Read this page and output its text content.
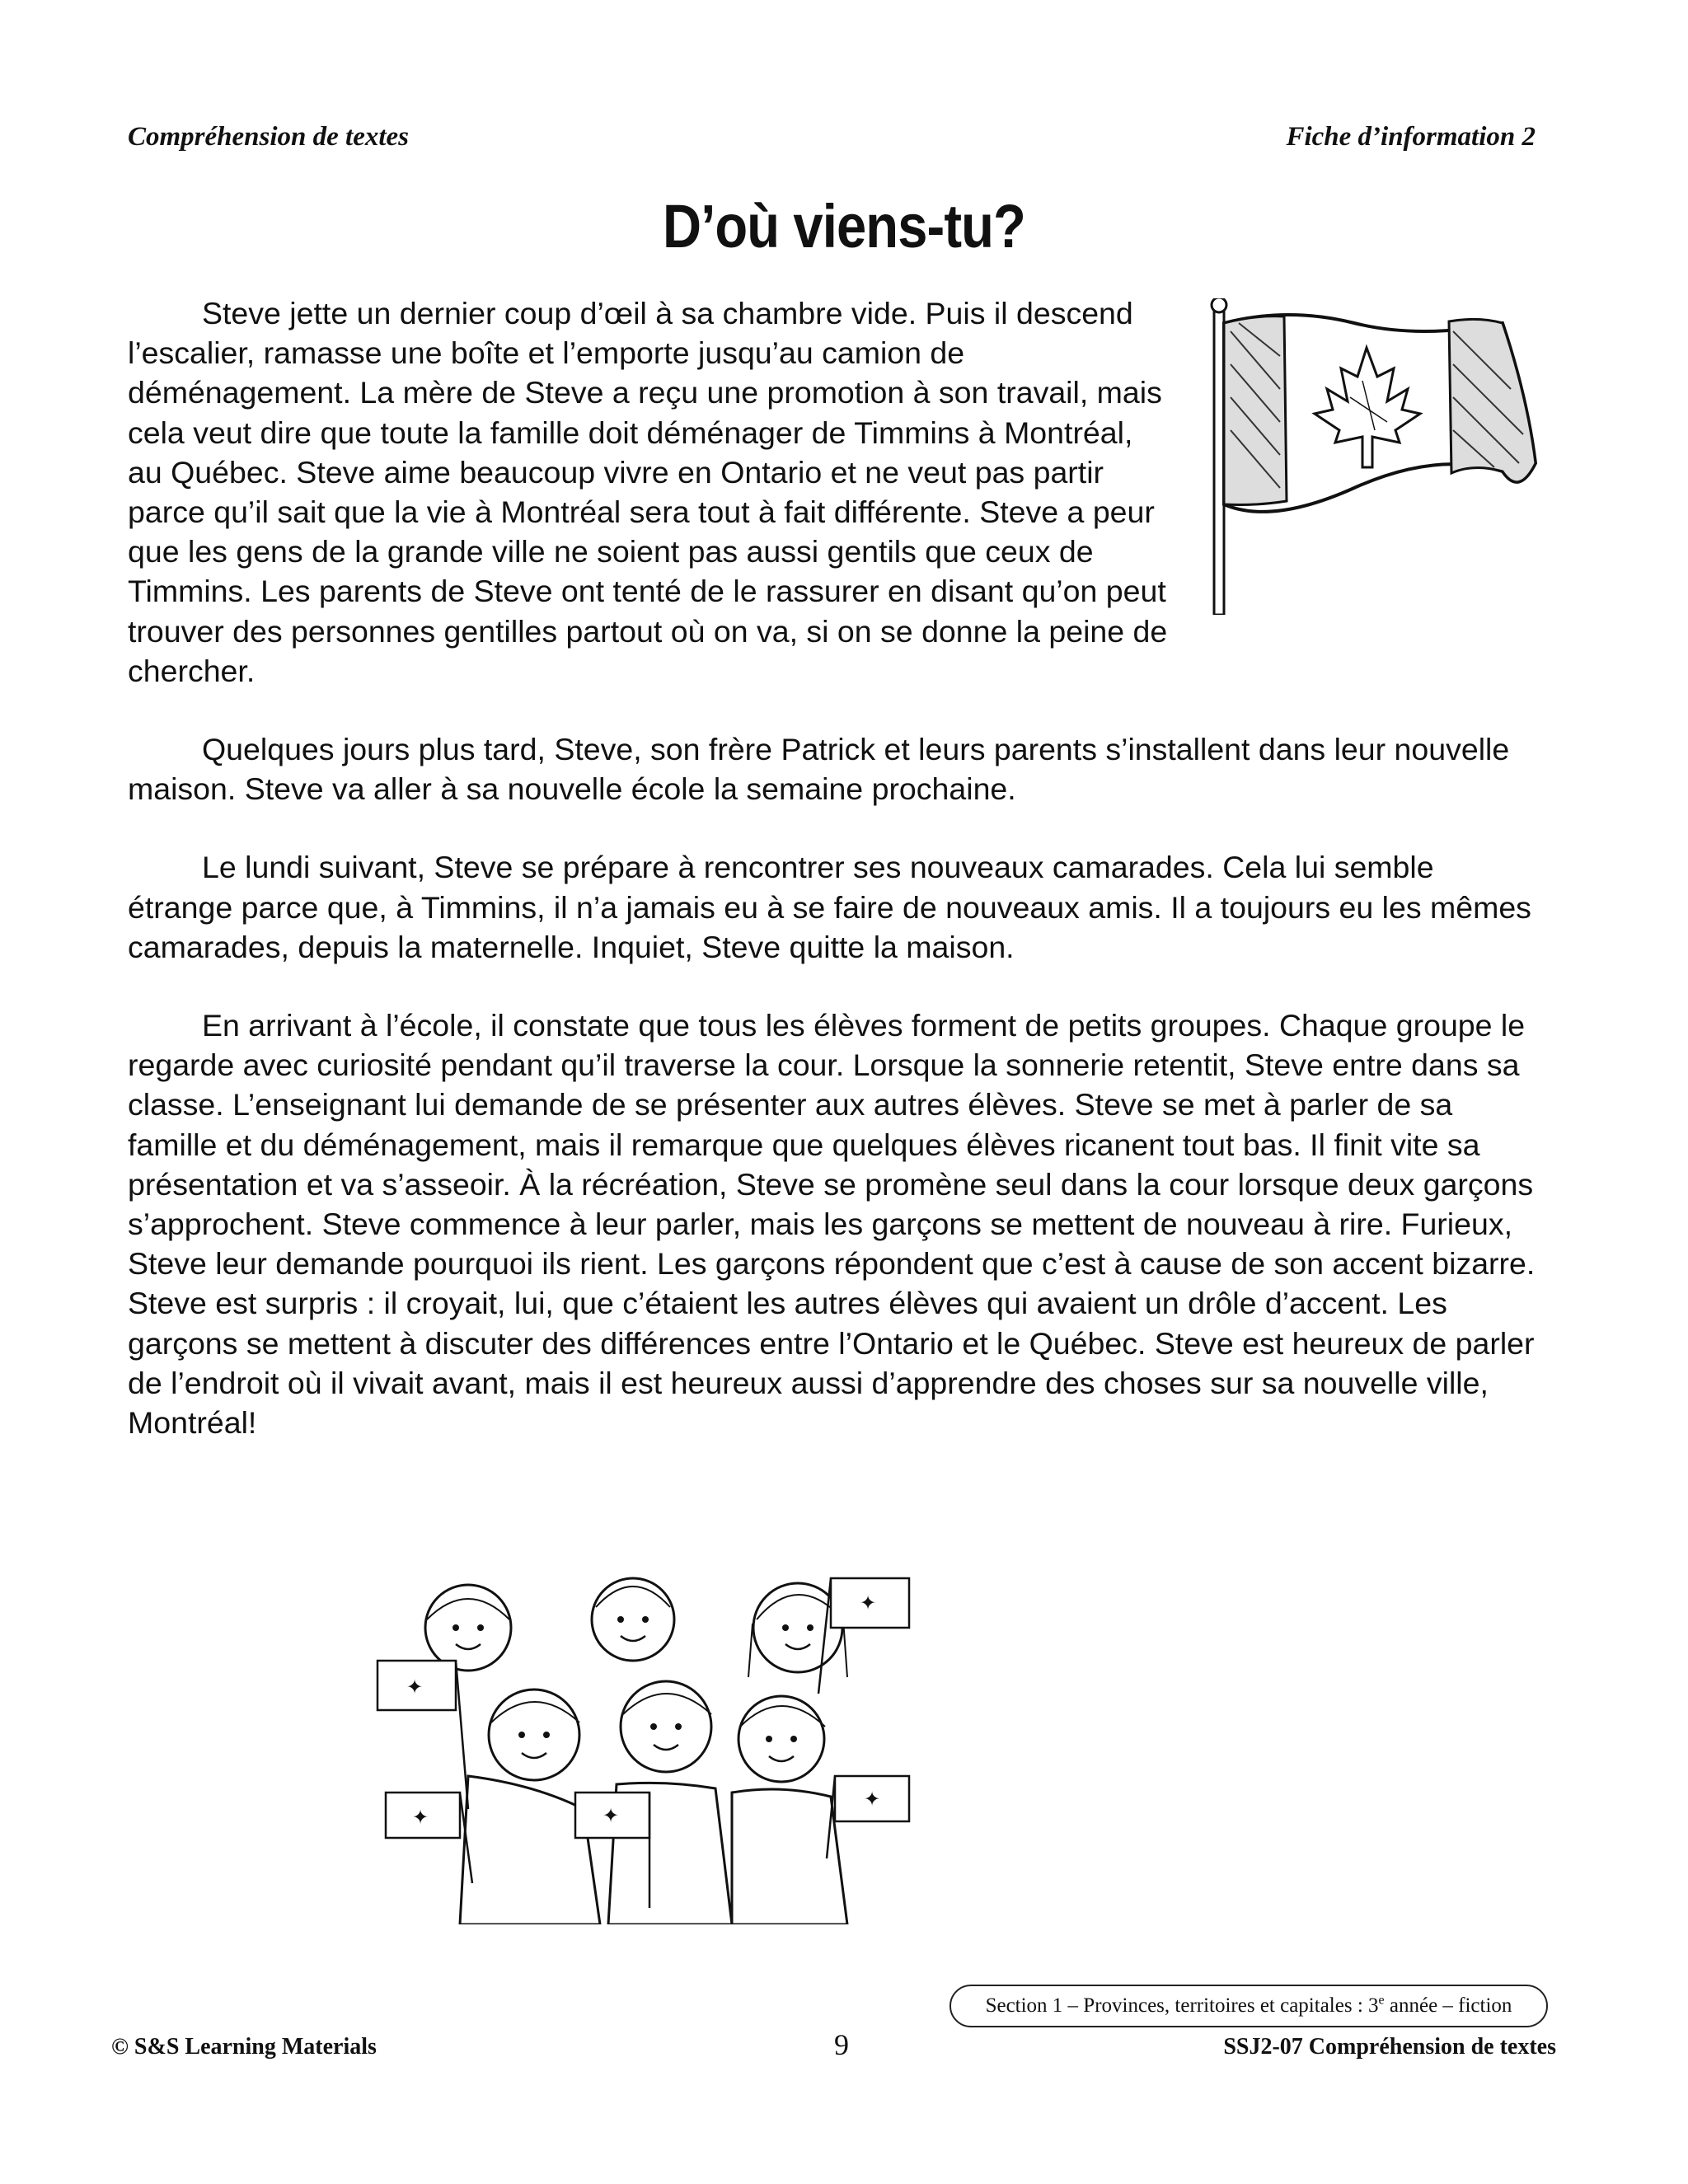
Compréhension de textes	Fiche d’information 2
D’où viens-tu?

Steve jette un dernier coup d’œil à sa chambre vide. Puis il descend l’escalier, ramasse une boîte et l’emporte jusqu’au camion de déménagement. La mère de Steve a reçu une promotion à son travail, mais cela veut dire que toute la famille doit déménager de Timmins à Montréal, au Québec. Steve aime beaucoup vivre en Ontario et ne veut pas partir parce qu’il sait que la vie à Montréal sera tout à fait différente. Steve a peur que les gens de la grande ville ne soient pas aussi gentils que ceux de Timmins. Les parents de Steve ont tenté de le rassurer en disant qu’on peut trouver des personnes gentilles partout où on va, si on se donne la peine de chercher.

Quelques jours plus tard, Steve, son frère Patrick et leurs parents s’installent dans leur nouvelle maison. Steve va aller à sa nouvelle école la semaine prochaine.

Le lundi suivant, Steve se prépare à rencontrer ses nouveaux camarades. Cela lui semble étrange parce que, à Timmins, il n’a jamais eu à se faire de nouveaux amis. Il a toujours eu les mêmes camarades, depuis la maternelle. Inquiet, Steve quitte la maison.

En arrivant à l’école, il constate que tous les élèves forment de petits groupes. Chaque groupe le regarde avec curiosité pendant qu’il traverse la cour. Lorsque la sonnerie retentit, Steve entre dans sa classe. L’enseignant lui demande de se présenter aux autres élèves. Steve se met à parler de sa famille et du déménagement, mais il remarque que quelques élèves ricanent tout bas. Il finit vite sa présentation et va s’asseoir. À la récréation, Steve se promène seul dans la cour lorsque deux garçons s’approchent. Steve commence à leur parler, mais les garçons se mettent de nouveau à rire. Furieux, Steve leur demande pourquoi ils rient. Les garçons répondent que c’est à cause de son accent bizarre. Steve est surpris : il croyait, lui, que c’étaient les autres élèves qui avaient un drôle d’accent. Les garçons se mettent à discuter des différences entre l’Ontario et le Québec. Steve est heureux de parler de l’endroit où il vivait avant, mais il est heureux aussi d’apprendre des choses sur sa nouvelle ville, Montréal!

✦
✦
✦
✦
✦
Section 1 – Provinces, territoires et capitales : 3e année – fiction
© S&S Learning Materials	9	SSJ2-07 Compréhension de textes
